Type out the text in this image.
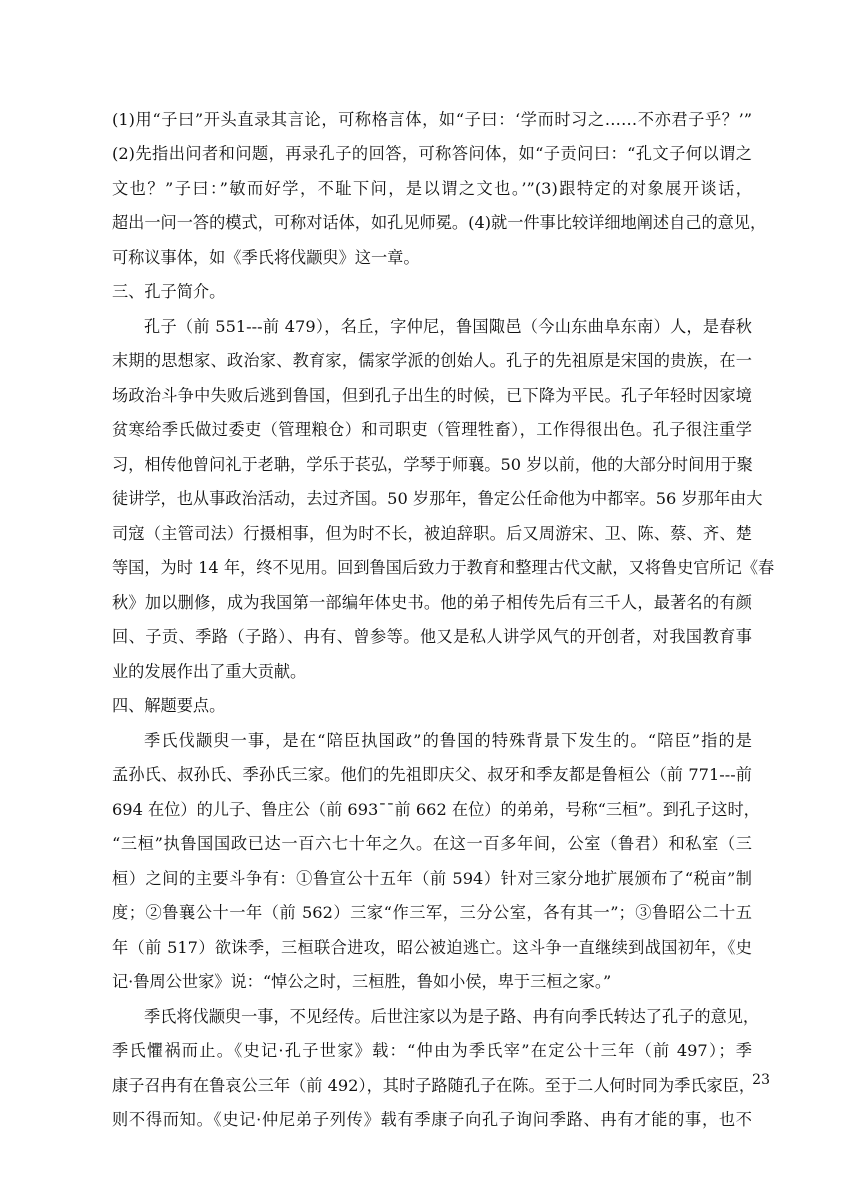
(1)用“子曰”开头直录其言论，可称格言体，如“子曰：‘学而时习之……不亦君子乎？’”
(2)先指出问者和问题，再录孔子的回答，可称答问体，如“子贡问曰：“孔文子何以谓之
文也？”子曰：”敏而好学，不耻下问，是以谓之文也。’”(3)跟特定的对象展开谈话，
超出一问一答的模式，可称对话体，如孔见师冕。(4)就一件事比较详细地阐述自己的意见，
可称议事体，如《季氏将伐颛臾》这一章。
三、孔子简介。
孔子（前 551---前 479），名丘，字仲尼，鲁国陬邑（今山东曲阜东南）人，是春秋
末期的思想家、政治家、教育家，儒家学派的创始人。孔子的先祖原是宋国的贵族，在一
场政治斗争中失败后逃到鲁国，但到孔子出生的时候，已下降为平民。孔子年轻时因家境
贫寒给季氏做过委吏（管理粮仓）和司职吏（管理牲畜），工作得很出色。孔子很注重学
习，相传他曾问礼于老聃，学乐于苌弘，学琴于师襄。50 岁以前，他的大部分时间用于聚
徒讲学，也从事政治活动，去过齐国。50 岁那年，鲁定公任命他为中都宰。56 岁那年由大
司寇（主管司法）行摄相事，但为时不长，被迫辞职。后又周游宋、卫、陈、蔡、齐、楚
等国，为时 14 年，终不见用。回到鲁国后致力于教育和整理古代文献，又将鲁史官所记《春
秋》加以删修，成为我国第一部编年体史书。他的弟子相传先后有三千人，最著名的有颜
回、子贡、季路（子路）、冉有、曾参等。他又是私人讲学风气的开创者，对我国教育事
业的发展作出了重大贡献。
四、解题要点。
季氏伐颛臾一事，是在“陪臣执国政”的鲁国的特殊背景下发生的。“陪臣”指的是
孟孙氏、叔孙氏、季孙氏三家。他们的先祖即庆父、叔牙和季友都是鲁桓公（前 771---前
694 在位）的儿子、鲁庄公（前 693¯¯前 662 在位）的弟弟，号称“三桓”。到孔子这时，
“三桓”执鲁国国政已达一百六七十年之久。在这一百多年间，公室（鲁君）和私室（三
桓）之间的主要斗争有：①鲁宣公十五年（前 594）针对三家分地扩展颁布了“税亩”制
度；②鲁襄公十一年（前 562）三家“作三军，三分公室，各有其一”；③鲁昭公二十五
年（前 517）欲诛季，三桓联合进攻，昭公被迫逃亡。这斗争一直继续到战国初年，《史
记·鲁周公世家》说：“悼公之时，三桓胜，鲁如小侯，卑于三桓之家。”
季氏将伐颛臾一事，不见经传。后世注家以为是子路、冉有向季氏转达了孔子的意见，
季氏懼祸而止。《史记·孔子世家》载：“仲由为季氏宰”在定公十三年（前 497）；季
康子召冉有在鲁哀公三年（前 492），其时子路随孔子在陈。至于二人何时同为季氏家臣，
则不得而知。《史记·仲尼弟子列传》载有季康子向孔子询问季路、冉有才能的事，也不
23
